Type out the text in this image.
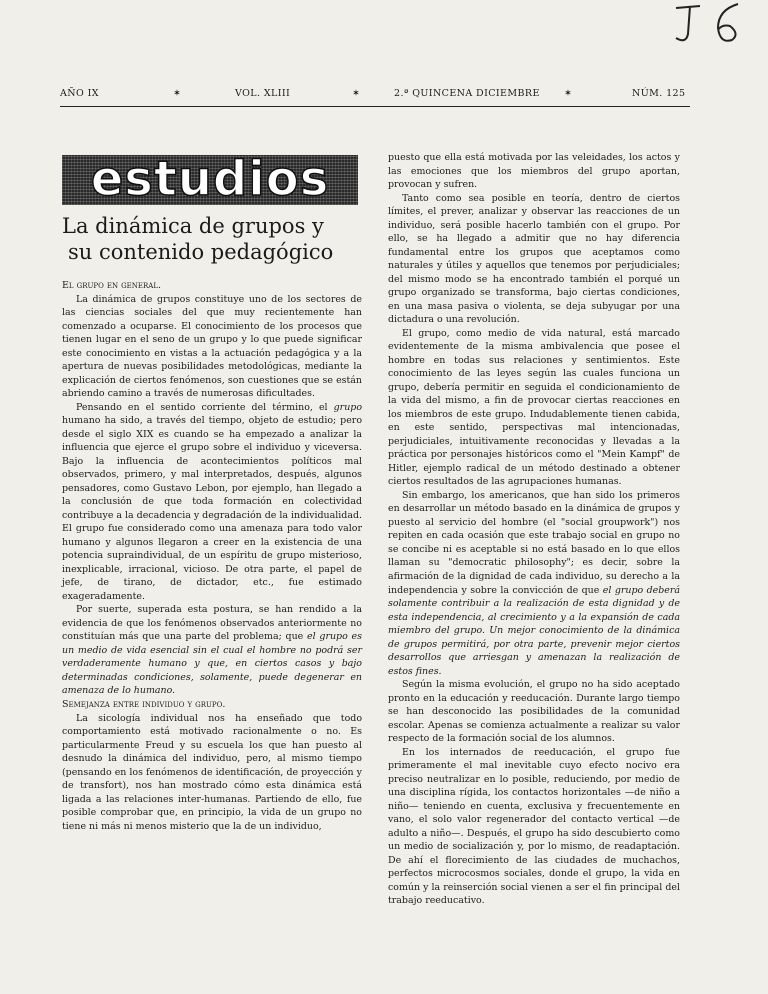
AÑO IX	✶	VOL. XLIII	✶	2.ª QUINCENA DICIEMBRE	✶	NÚM. 125
estudios
La dinámica de grupos y
su contenido pedagógico

El grupo en general.

La dinámica de grupos constituye uno de los sectores de las ciencias sociales del que muy recientemente han comenzado a ocuparse. El conocimiento de los procesos que tienen lugar en el seno de un grupo y lo que puede significar este conocimiento en vistas a la actuación pedagógica y a la apertura de nuevas posibilidades metodológicas, mediante la explicación de ciertos fenómenos, son cuestiones que se están abriendo camino a través de numerosas dificultades.

Pensando en el sentido corriente del término, el grupo humano ha sido, a través del tiempo, objeto de estudio; pero desde el siglo XIX es cuando se ha empezado a analizar la influencia que ejerce el grupo sobre el individuo y viceversa. Bajo la influencia de acontecimientos políticos mal observados, primero, y mal interpretados, después, algunos pensadores, como Gustavo Lebon, por ejemplo, han llegado a la conclusión de que toda formación en colectividad contribuye a la decadencia y degradación de la individualidad. El grupo fue considerado como una amenaza para todo valor humano y algunos llegaron a creer en la existencia de una potencia supraindividual, de un espíritu de grupo misterioso, inexplicable, irracional, vicioso. De otra parte, el papel de jefe, de tirano, de dictador, etc., fue estimado exageradamente.

Por suerte, superada esta postura, se han rendido a la evidencia de que los fenómenos observados anteriormente no constituían más que una parte del problema; que el grupo es un medio de vida esencial sin el cual el hombre no podrá ser verdaderamente humano y que, en ciertos casos y bajo determinadas condiciones, solamente, puede degenerar en amenaza de lo humano.

Semejanza entre individuo y grupo.

La sicología individual nos ha enseñado que todo comportamiento está motivado racionalmente o no. Es particularmente Freud y su escuela los que han puesto al desnudo la dinámica del individuo, pero, al mismo tiempo (pensando en los fenómenos de identificación, de proyección y de transfort), nos han mostrado cómo esta dinámica está ligada a las relaciones inter-humanas. Partiendo de ello, fue posible comprobar que, en principio, la vida de un grupo no tiene ni más ni menos misterio que la de un individuo,

puesto que ella está motivada por las veleidades, los actos y las emociones que los miembros del grupo aportan, provocan y sufren.

Tanto como sea posible en teoría, dentro de ciertos límites, el prever, analizar y observar las reacciones de un individuo, será posible hacerlo también con el grupo. Por ello, se ha llegado a admitir que no hay diferencia fundamental entre los grupos que aceptamos como naturales y útiles y aquellos que tenemos por perjudiciales; del mismo modo se ha encontrado también el porqué un grupo organizado se transforma, bajo ciertas condiciones, en una masa pasiva o violenta, se deja subyugar por una dictadura o una revolución.

El grupo, como medio de vida natural, está marcado evidentemente de la misma ambivalencia que posee el hombre en todas sus relaciones y sentimientos. Este conocimiento de las leyes según las cuales funciona un grupo, debería permitir en seguida el condicionamiento de la vida del mismo, a fin de provocar ciertas reacciones en los miembros de este grupo. Indudablemente tienen cabida, en este sentido, perspectivas mal intencionadas, perjudiciales, intuitivamente reconocidas y llevadas a la práctica por personajes históricos como el "Mein Kampf" de Hitler, ejemplo radical de un método destinado a obtener ciertos resultados de las agrupaciones humanas.

Sin embargo, los americanos, que han sido los primeros en desarrollar un método basado en la dinámica de grupos y puesto al servicio del hombre (el "social groupwork") nos repiten en cada ocasión que este trabajo social en grupo no se concibe ni es aceptable si no está basado en lo que ellos llaman su "democratic philosophy"; es decir, sobre la afirmación de la dignidad de cada individuo, su derecho a la independencia y sobre la convicción de que el grupo deberá solamente contribuir a la realización de esta dignidad y de esta independencia, al crecimiento y a la expansión de cada miembro del grupo. Un mejor conocimiento de la dinámica de grupos permitirá, por otra parte, prevenir mejor ciertos desarrollos que arriesgan y amenazan la realización de estos fines.

Según la misma evolución, el grupo no ha sido aceptado pronto en la educación y reeducación. Durante largo tiempo se han desconocido las posibilidades de la comunidad escolar. Apenas se comienza actualmente a realizar su valor respecto de la formación social de los alumnos.

En los internados de reeducación, el grupo fue primeramente el mal inevitable cuyo efecto nocivo era preciso neutralizar en lo posible, reduciendo, por medio de una disciplina rígida, los contactos horizontales —de niño a niño— teniendo en cuenta, exclusiva y frecuentemente en vano, el solo valor regenerador del contacto vertical —de adulto a niño—. Después, el grupo ha sido descubierto como un medio de socialización y, por lo mismo, de readaptación. De ahí el florecimiento de las ciudades de muchachos, perfectos microcosmos sociales, donde el grupo, la vida en común y la reinserción social vienen a ser el fin principal del trabajo reeducativo.
